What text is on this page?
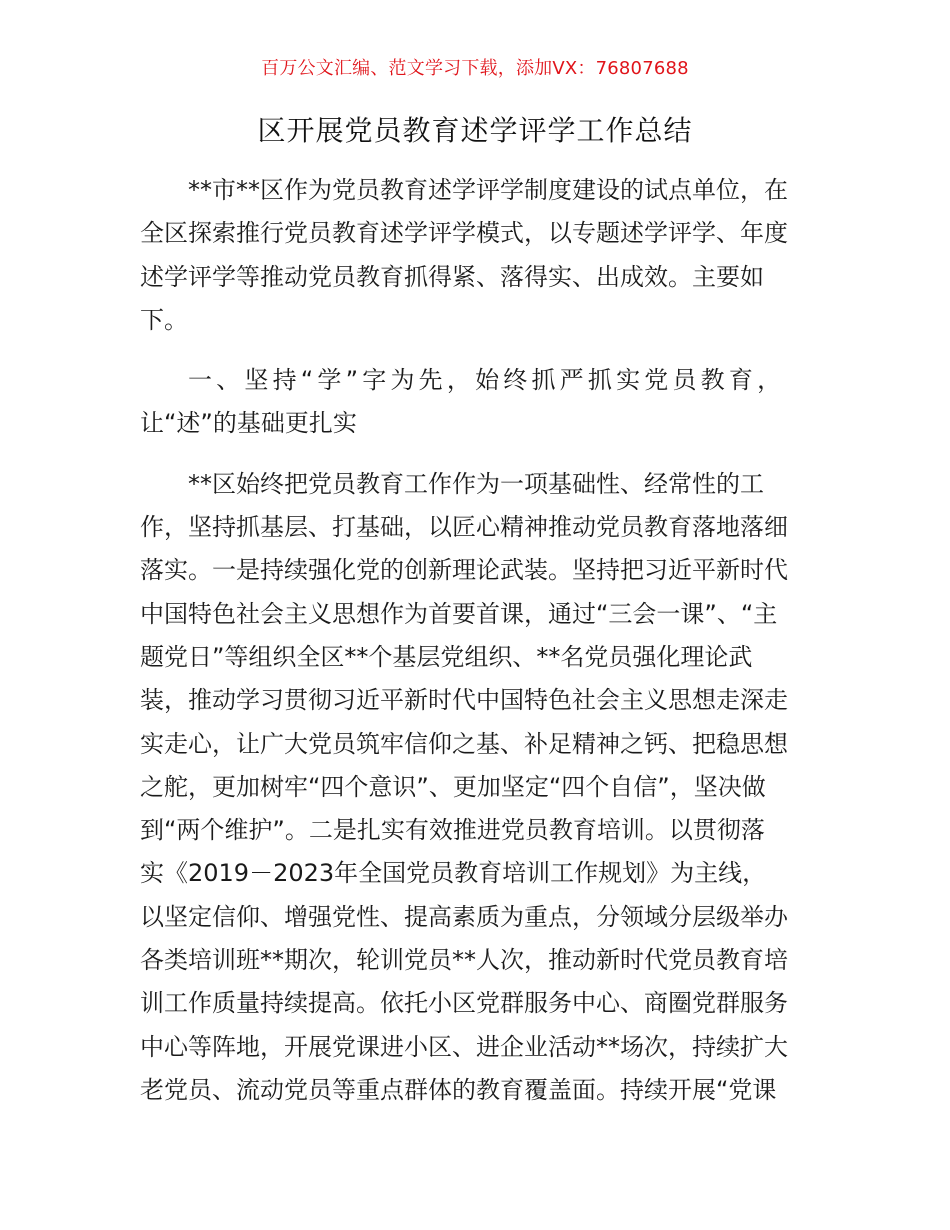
百万公文汇编、范文学习下载，添加VX：76807688
区开展党员教育述学评学工作总结
**市**区作为党员教育述学评学制度建设的试点单位，在
全区探索推行党员教育述学评学模式，以专题述学评学、年度
述学评学等推动党员教育抓得紧、落得实、出成效。主要如
下。
一、坚持“学”字为先，始终抓严抓实党员教育，
让“述”的基础更扎实
**区始终把党员教育工作作为一项基础性、经常性的工
作，坚持抓基层、打基础，以匠心精神推动党员教育落地落细
落实。一是持续强化党的创新理论武装。坚持把习近平新时代
中国特色社会主义思想作为首要首课，通过“三会一课”、“主
题党日”等组织全区**个基层党组织、**名党员强化理论武
装，推动学习贯彻习近平新时代中国特色社会主义思想走深走
实走心，让广大党员筑牢信仰之基、补足精神之钙、把稳思想
之舵，更加树牢“四个意识”、更加坚定“四个自信”，坚决做
到“两个维护”。二是扎实有效推进党员教育培训。以贯彻落
实《2019－2023年全国党员教育培训工作规划》为主线，
以坚定信仰、增强党性、提高素质为重点，分领域分层级举办
各类培训班**期次，轮训党员**人次，推动新时代党员教育培
训工作质量持续提高。依托小区党群服务中心、商圈党群服务
中心等阵地，开展党课进小区、进企业活动**场次，持续扩大
老党员、流动党员等重点群体的教育覆盖面。持续开展“党课
